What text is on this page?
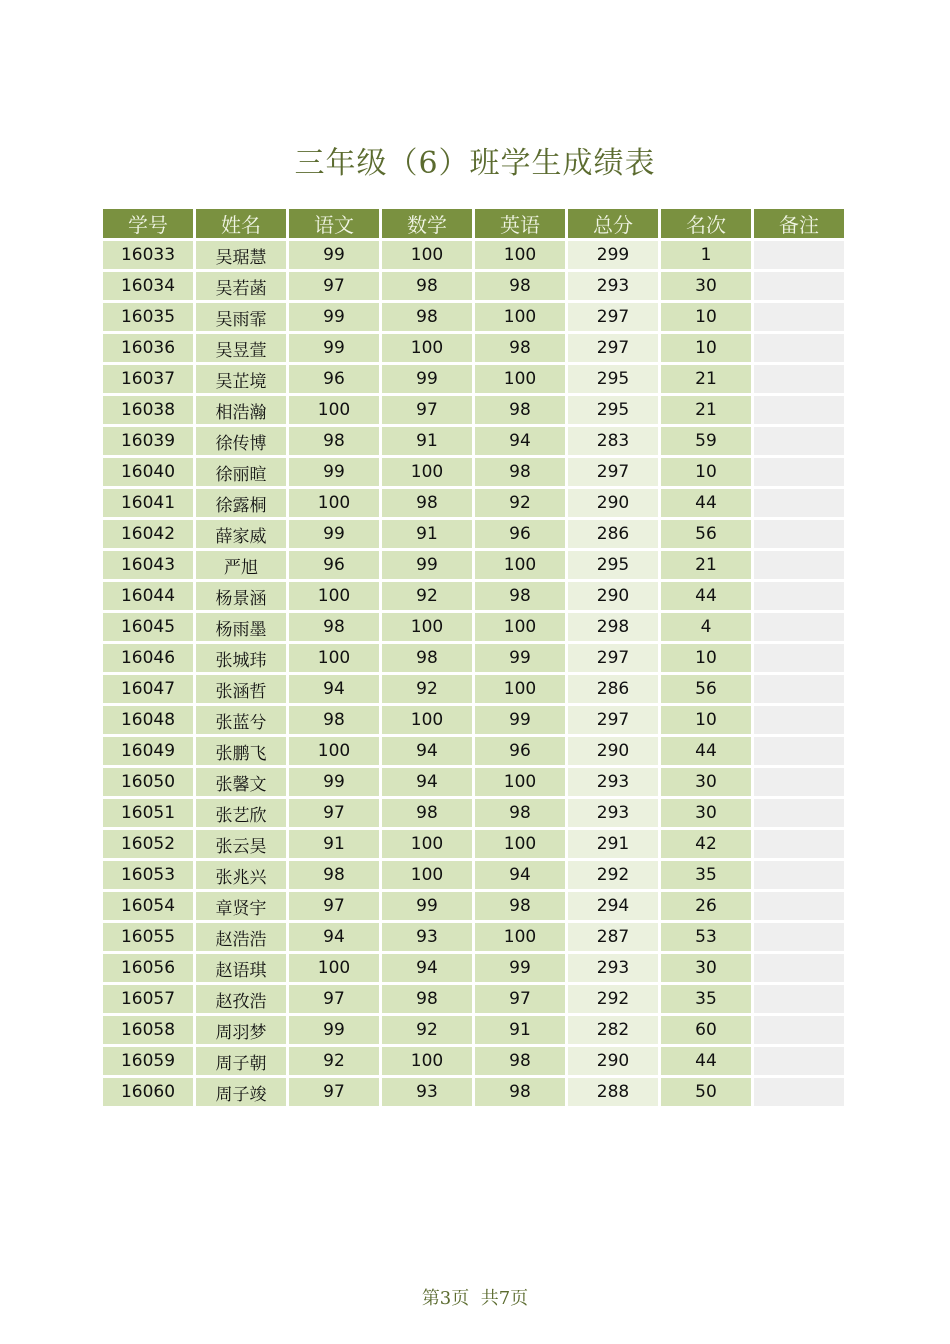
三年级（6）班学生成绩表
学号	姓名	语文	数学	英语	总分	名次	备注
16033	吴琚慧	99	100	100	299	1	
16034	吴若菡	97	98	98	293	30	
16035	吴雨霏	99	98	100	297	10	
16036	吴昱萱	99	100	98	297	10	
16037	吴芷境	96	99	100	295	21	
16038	相浩瀚	100	97	98	295	21	
16039	徐传博	98	91	94	283	59	
16040	徐丽暄	99	100	98	297	10	
16041	徐露桐	100	98	92	290	44	
16042	薛家威	99	91	96	286	56	
16043	严旭	96	99	100	295	21	
16044	杨景涵	100	92	98	290	44	
16045	杨雨墨	98	100	100	298	4	
16046	张城玮	100	98	99	297	10	
16047	张涵哲	94	92	100	286	56	
16048	张蓝兮	98	100	99	297	10	
16049	张鹏飞	100	94	96	290	44	
16050	张馨文	99	94	100	293	30	
16051	张艺欣	97	98	98	293	30	
16052	张云昊	91	100	100	291	42	
16053	张兆兴	98	100	94	292	35	
16054	章贤宇	97	99	98	294	26	
16055	赵浩浩	94	93	100	287	53	
16056	赵语琪	100	94	99	293	30	
16057	赵孜浩	97	98	97	292	35	
16058	周羽梦	99	92	91	282	60	
16059	周子朝	92	100	98	290	44	
16060	周子竣	97	93	98	288	50	
第3页  共7页
